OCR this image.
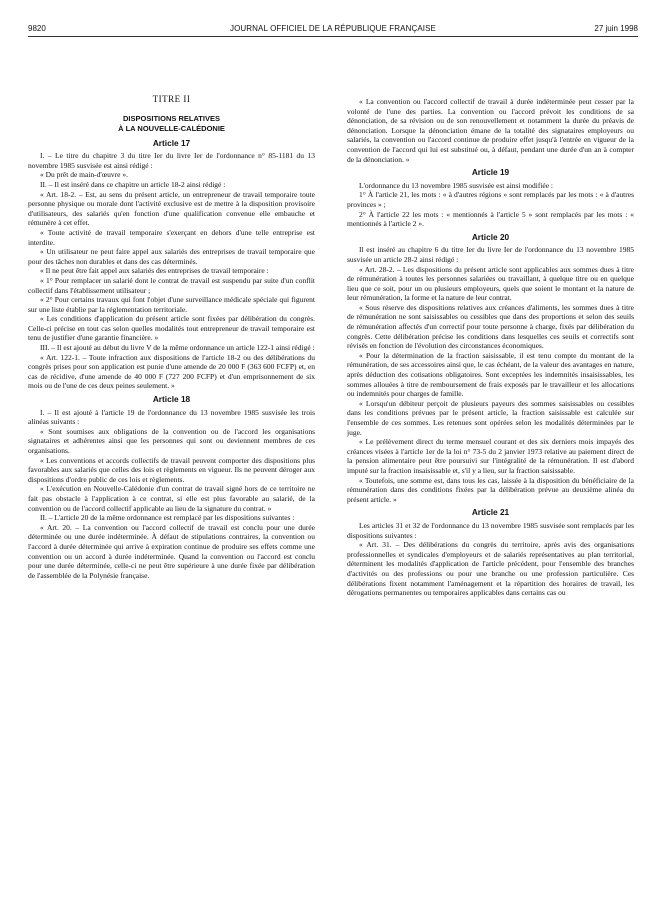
9820	JOURNAL OFFICIEL DE LA RÉPUBLIQUE FRANÇAISE	27 juin 1998
TITRE II
DISPOSITIONS RELATIVES
À LA NOUVELLE-CALÉDONIE
Article 17

I. – Le titre du chapitre 3 du titre Ier du livre Ier de l'ordonnance n° 85-1181 du 13 novembre 1985 susvisée est ainsi rédigé :

« Du prêt de main-d'œuvre ».

II. – Il est inséré dans ce chapitre un article 18-2 ainsi rédigé :

« Art. 18-2. – Est, au sens du présent article, un entrepreneur de travail temporaire toute personne physique ou morale dont l'activité exclusive est de mettre à la disposition provisoire d'utilisateurs, des salariés qu'en fonction d'une qualification convenue elle embauche et rémunère à cet effet.

« Toute activité de travail temporaire s'exerçant en dehors d'une telle entreprise est interdite.

« Un utilisateur ne peut faire appel aux salariés des entreprises de travail temporaire que pour des tâches non durables et dans des cas déterminés.

« Il ne peut être fait appel aux salariés des entreprises de travail temporaire :

« 1° Pour remplacer un salarié dont le contrat de travail est suspendu par suite d'un conflit collectif dans l'établissement utilisateur ;

« 2° Pour certains travaux qui font l'objet d'une surveillance médicale spéciale qui figurent sur une liste établie par la réglementation territoriale.

« Les conditions d'application du présent article sont fixées par délibération du congrès. Celle-ci précise en tout cas selon quelles modalités tout entrepreneur de travail temporaire est tenu de justifier d'une garantie financière. »

III. – Il est ajouté au début du livre V de la même ordonnance un article 122-1 ainsi rédigé :

« Art. 122-1. – Toute infraction aux dispositions de l'article 18-2 ou des délibérations du congrès prises pour son application est punie d'une amende de 20 000 F (363 600 FCFP) et, en cas de récidive, d'une amende de 40 000 F (727 200 FCFP) et d'un emprisonnement de six mois ou de l'une de ces deux peines seulement. »

Article 18

I. – Il est ajouté à l'article 19 de l'ordonnance du 13 novembre 1985 susvisée les trois alinéas suivants :

« Sont soumises aux obligations de la convention ou de l'accord les organisations signataires et adhérentes ainsi que les personnes qui sont ou deviennent membres de ces organisations.

« Les conventions et accords collectifs de travail peuvent comporter des dispositions plus favorables aux salariés que celles des lois et règlements en vigueur. Ils ne peuvent déroger aux dispositions d'ordre public de ces lois et règlements.

« L'exécution en Nouvelle-Calédonie d'un contrat de travail signé hors de ce territoire ne fait pas obstacle à l'application à ce contrat, si elle est plus favorable au salarié, de la convention ou de l'accord collectif applicable au lieu de la signature du contrat. »

II. – L'article 20 de la même ordonnance est remplacé par les dispositions suivantes :

« Art. 20. – La convention ou l'accord collectif de travail est conclu pour une durée déterminée ou une durée indéterminée. À défaut de stipulations contraires, la convention ou l'accord à durée déterminée qui arrive à expiration continue de produire ses effets comme une convention ou un accord à durée indéterminée. Quand la convention ou l'accord est conclu pour une durée déterminée, celle-ci ne peut être supérieure à une durée fixée par délibération de l'assemblée de la Polynésie française.

« La convention ou l'accord collectif de travail à durée indéterminée peut cesser par la volonté de l'une des parties. La convention ou l'accord prévoit les conditions de sa dénonciation, de sa révision ou de son renouvellement et notamment la durée du préavis de dénonciation. Lorsque la dénonciation émane de la totalité des signataires employeurs ou salariés, la convention ou l'accord continue de produire effet jusqu'à l'entrée en vigueur de la convention de l'accord qui lui est substitué ou, à défaut, pendant une durée d'un an à compter de la dénonciation. »

Article 19

L'ordonnance du 13 novembre 1985 susvisée est ainsi modifiée :

1° À l'article 21, les mots : « à d'autres régions » sont remplacés par les mots : « à d'autres provinces » ;

2° À l'article 22 les mots : « mentionnés à l'article 5 » sont remplacés par les mots : « mentionnés à l'article 2 ».

Article 20

Il est inséré au chapitre 6 du titre Ier du livre Ier de l'ordonnance du 13 novembre 1985 susvisée un article 28-2 ainsi rédigé :

« Art. 28-2. – Les dispositions du présent article sont applicables aux sommes dues à titre de rémunération à toutes les personnes salariées ou travaillant, à quelque titre ou en quelque lieu que ce soit, pour un ou plusieurs employeurs, quels que soient le montant et la nature de leur rémunération, la forme et la nature de leur contrat.

« Sous réserve des dispositions relatives aux créances d'aliments, les sommes dues à titre de rémunération ne sont saisissables ou cessibles que dans des proportions et selon des seuils de rémunération affectés d'un correctif pour toute personne à charge, fixés par délibération du congrès. Cette délibération précise les conditions dans lesquelles ces seuils et correctifs sont révisés en fonction de l'évolution des circonstances économiques.

« Pour la détermination de la fraction saisissable, il est tenu compte du montant de la rémunération, de ses accessoires ainsi que, le cas échéant, de la valeur des avantages en nature, après déduction des cotisations obligatoires. Sont exceptées les indemnités insaisissables, les sommes allouées à titre de remboursement de frais exposés par le travailleur et les allocations ou indemnités pour charges de famille.

« Lorsqu'un débiteur perçoit de plusieurs payeurs des sommes saisissables ou cessibles dans les conditions prévues par le présent article, la fraction saisissable est calculée sur l'ensemble de ces sommes. Les retenues sont opérées selon les modalités déterminées par le juge.

« Le prélèvement direct du terme mensuel courant et des six derniers mois impayés des créances visées à l'article 1er de la loi n° 73-5 du 2 janvier 1973 relative au paiement direct de la pension alimentaire peut être poursuivi sur l'intégralité de la rémunération. Il est d'abord imputé sur la fraction insaisissable et, s'il y a lieu, sur la fraction saisissable.

« Toutefois, une somme est, dans tous les cas, laissée à la disposition du bénéficiaire de la rémunération dans des conditions fixées par la délibération prévue au deuxième alinéa du présent article. »

Article 21

Les articles 31 et 32 de l'ordonnance du 13 novembre 1985 susvisée sont remplacés par les dispositions suivantes :

« Art. 31. – Des délibérations du congrès du territoire, après avis des organisations professionnelles et syndicales d'employeurs et de salariés représentatives au plan territorial, déterminent les modalités d'application de l'article précédent, pour l'ensemble des branches d'activités ou des professions ou pour une branche ou une profession particulière. Ces délibérations fixent notamment l'aménagement et la répartition des horaires de travail, les dérogations permanentes ou temporaires applicables dans certains cas ou
